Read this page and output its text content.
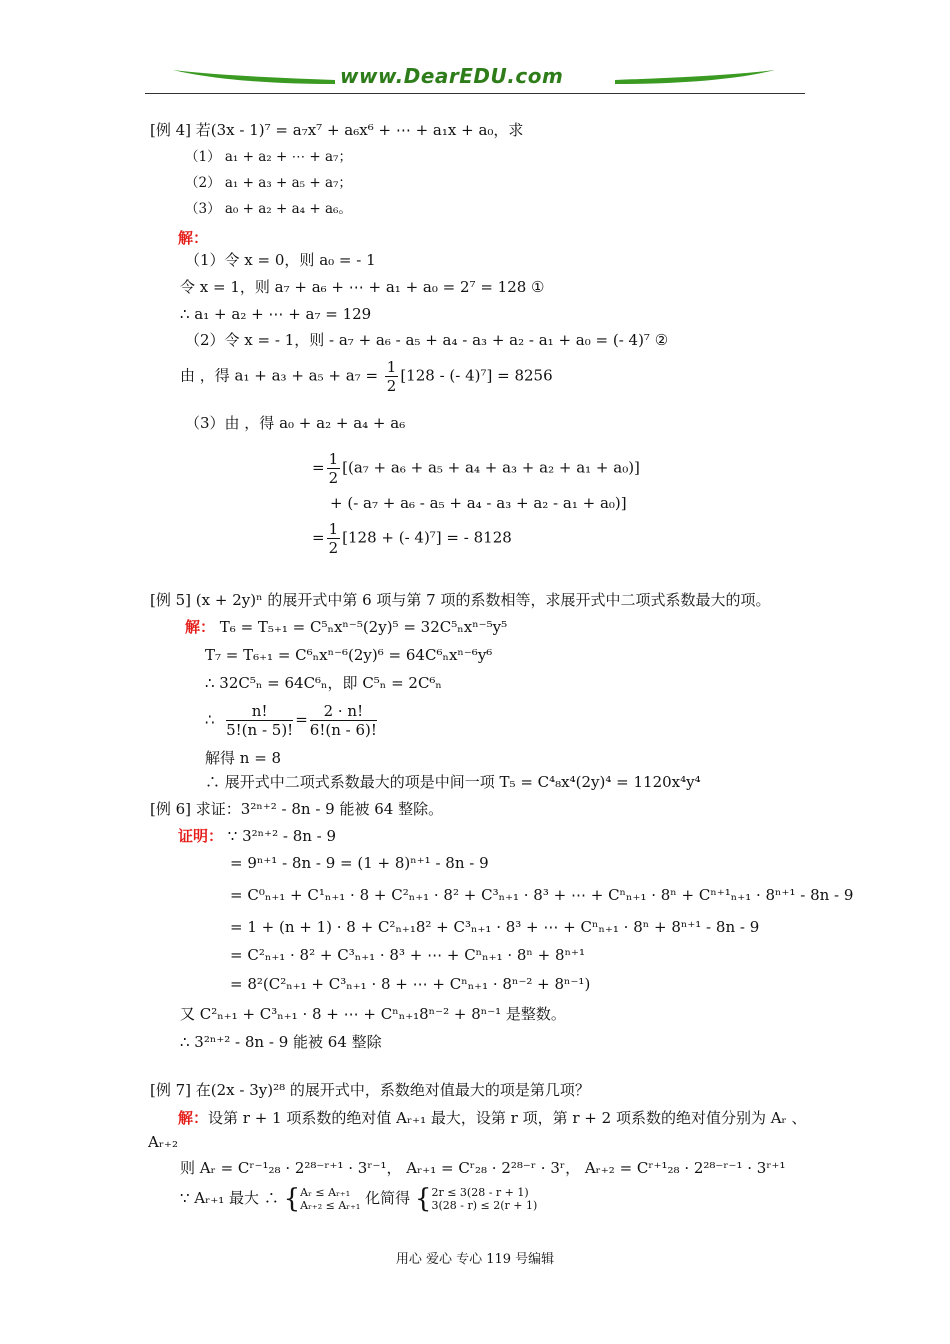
www.DearEDU.com
[例 4] 若(3x - 1)⁷ = a₇x⁷ + a₆x⁶ + ⋯ + a₁x + a₀，求
（1） a₁ + a₂ + ⋯ + a₇；
（2） a₁ + a₃ + a₅ + a₇；
（3） a₀ + a₂ + a₄ + a₆。
解：
（1）令 x = 0，则 a₀ = - 1
令 x = 1，则 a₇ + a₆ + ⋯ + a₁ + a₀ = 2⁷ = 128 ①
∴ a₁ + a₂ + ⋯ + a₇ = 129
（2）令 x = - 1，则 - a₇ + a₆ - a₅ + a₄ - a₃ + a₂ - a₁ + a₀ = (- 4)⁷ ②
由 ，得 $a_1 + a_3 + a_5 + a_7 = \frac{1}{2} [128$ - (- 4)⁷] = 8256
（3）由 ，得 a₀ + a₂ + a₄ + a₆
= $\frac{1}{2} [(a_7 + a_6 + a_5 + a_4 + a_3 + a_2 + a_1 + a_0)]$
+ (- a₇ + a₆ - a₅ + a₄ - a₃ + a₂ - a₁ + a₀)]
= $\frac{1}{2} [128$ + (- 4)⁷] = - 8128
[例 5] (x + 2y)ⁿ 的展开式中第 6 项与第 7 项的系数相等，求展开式中二项式系数最大的项。
解： T₆ = T₅₊₁ = C⁵ₙxⁿ⁻⁵(2y)⁵ = 32C⁵ₙxⁿ⁻⁵y⁵
T₇ = T₆₊₁ = C⁶ₙxⁿ⁻⁶(2y)⁶ = 64C⁶ₙxⁿ⁻⁶y⁶
∴ 32C⁵ₙ = 64C⁶ₙ，即 C⁵ₙ = 2C⁶ₙ
∴ $\frac{n!}{5!(n - 5)!} = \frac{2 \cdot n!}{6!(n - 6)!}$
解得 n = 8
∴ 展开式中二项式系数最大的项是中间一项 T₅ = C⁴₈x⁴(2y)⁴ = 1120x⁴y⁴
[例 6] 求证：3²ⁿ⁺² - 8n - 9 能被 64 整除。
证明： ∵ 3²ⁿ⁺² - 8n - 9
= 9ⁿ⁺¹ - 8n - 9 = (1 + 8)ⁿ⁺¹ - 8n - 9
= C⁰ₙ₊₁ + C¹ₙ₊₁ · 8 + C²ₙ₊₁ · 8² + C³ₙ₊₁ · 8³ + ⋯ + Cⁿₙ₊₁ · 8ⁿ + Cⁿ⁺¹ₙ₊₁ · 8ⁿ⁺¹ - 8n - 9
= 1 + (n + 1) · 8 + C²ₙ₊₁8² + C³ₙ₊₁ · 8³ + ⋯ + Cⁿₙ₊₁ · 8ⁿ + 8ⁿ⁺¹ - 8n - 9
= C²ₙ₊₁ · 8² + C³ₙ₊₁ · 8³ + ⋯ + Cⁿₙ₊₁ · 8ⁿ + 8ⁿ⁺¹
= 8²(C²ₙ₊₁ + C³ₙ₊₁ · 8 + ⋯ + Cⁿₙ₊₁ · 8ⁿ⁻² + 8ⁿ⁻¹)
又 C²ₙ₊₁ + C³ₙ₊₁ · 8 + ⋯ + Cⁿₙ₊₁8ⁿ⁻² + 8ⁿ⁻¹ 是整数。
∴ 3²ⁿ⁺² - 8n - 9 能被 64 整除
[例 7] 在(2x - 3y)²⁸ 的展开式中，系数绝对值最大的项是第几项？
解：设第 r + 1 项系数的绝对值 Aᵣ₊₁ 最大，设第 r 项，第 r + 2 项系数的绝对值分别为 Aᵣ 、
Aᵣ₊₂
则 Aᵣ = Cʳ⁻¹₂₈ · 2²⁸⁻ʳ⁺¹ · 3ʳ⁻¹， Aᵣ₊₁ = Cʳ₂₈ · 2²⁸⁻ʳ · 3ʳ， Aᵣ₊₂ = Cʳ⁺¹₂₈ · 2²⁸⁻ʳ⁻¹ · 3ʳ⁺¹
∵ Aᵣ₊₁ 最大 ∴ {Aᵣ ≤ Aᵣ₊₁
Aᵣ₊₂ ≤ Aᵣ₊₁ 化简得 {2r ≤ 3(28 - r + 1)
3(28 - r) ≤ 2(r + 1)
用心 爱心 专心 119 号编辑
